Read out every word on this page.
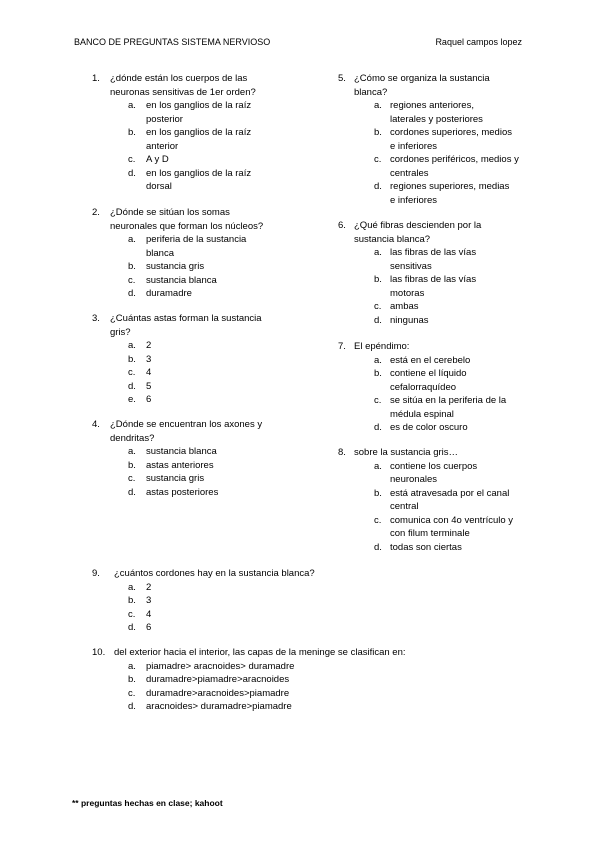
BANCO DE PREGUNTAS SISTEMA NERVIOSO	Raquel campos lopez
1. ¿dónde están los cuerpos de las
neuronas sensitivas de 1er orden?
a. en los ganglios de la raíz
posterior
b. en los ganglios de la raíz
anterior
c. A y D
d. en los ganglios de la raíz
dorsal
2. ¿Dónde se sitúan los somas
neuronales que forman los núcleos?
a. periferia de la sustancia
blanca
b. sustancia gris
c. sustancia blanca
d. duramadre
3. ¿Cuántas astas forman la sustancia
gris?
a. 2
b. 3
c. 4
d. 5
e. 6
4. ¿Dónde se encuentran los axones y
dendritas?
a. sustancia blanca
b. astas anteriores
c. sustancia gris
d. astas posteriores
5. ¿Cómo se organiza la sustancia
blanca?
a. regiones anteriores,
laterales y posteriores
b. cordones superiores, medios
e inferiores
c. cordones periféricos, medios y
centrales
d. regiones superiores, medias
e inferiores
6. ¿Qué fibras descienden por la
sustancia blanca?
a. las fibras de las vías
sensitivas
b. las fibras de las vías
motoras
c. ambas
d. ningunas
7. El epéndimo:
a. está en el cerebelo
b. contiene el líquido
cefalorraquídeo
c. se sitúa en la periferia de la
médula espinal
d. es de color oscuro
8. sobre la sustancia gris…
a. contiene los cuerpos
neuronales
b. está atravesada por el canal
central
c. comunica con 4o ventrículo y
con filum terminale
d. todas son ciertas
9. ¿cuántos cordones hay en la sustancia blanca?
a. 2
b. 3
c. 4
d. 6
10. del exterior hacia el interior, las capas de la meninge se clasifican en:
a. piamadre> aracnoides> duramadre
b. duramadre>piamadre>aracnoides
c. duramadre>aracnoides>piamadre
d. aracnoides> duramadre>piamadre
** preguntas hechas en clase; kahoot
